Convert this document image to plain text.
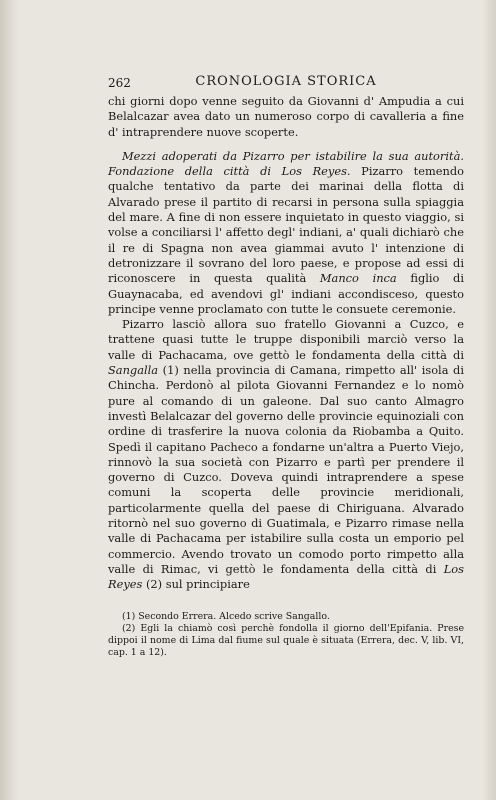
262	CRONOLOGIA STORICA

chi giorni dopo venne seguito da Giovanni d' Ampudia a cui Belalcazar avea dato un numeroso corpo di cavalleria a fine d' intraprendere nuove scoperte.

Mezzi adoperati da Pizarro per istabilire la sua autorità. Fondazione della città di Los Reyes. Pizarro temendo qualche tentativo da parte dei marinai della flotta di Alvarado prese il partito di recarsi in persona sulla spiaggia del mare. A fine di non essere inquietato in questo viaggio, si volse a conciliarsi l' affetto degl' indiani, a' quali dichiarò che il re di Spagna non avea giammai avuto l' intenzione di detronizzare il sovrano del loro paese, e propose ad essi di riconoscere in questa qualità Manco inca figlio di Guaynacaba, ed avendovi gl' indiani accondisceso, questo principe venne proclamato con tutte le consuete ceremonie.

Pizarro lasciò allora suo fratello Giovanni a Cuzco, e trattene quasi tutte le truppe disponibili marciò verso la valle di Pachacama, ove gettò le fondamenta della città di Sangalla (1) nella provincia di Camana, rimpetto all' isola di Chincha. Perdonò al pilota Giovanni Fernandez e lo nomò pure al comando di un galeone. Dal suo canto Almagro investì Belalcazar del governo delle provincie equinoziali con ordine di trasferire la nuova colonia da Riobamba a Quito. Spedì il capitano Pacheco a fondarne un'altra a Puerto Viejo, rinnovò la sua società con Pizarro e partì per prendere il governo di Cuzco. Doveva quindi intraprendere a spese comuni la scoperta delle provincie meridionali, particolarmente quella del paese di Chiriguana. Alvarado ritornò nel suo governo di Guatimala, e Pizarro rimase nella valle di Pachacama per istabilire sulla costa un emporio pel commercio. Avendo trovato un comodo porto rimpetto alla valle di Rimac, vi gettò le fondamenta della città di Los Reyes (2) sul principiare

(1) Secondo Errera. Alcedo scrive Sangallo.

(2) Egli la chiamò così perchè fondolla il giorno dell'Epifania. Prese dippoi il nome di Lima dal fiume sul quale è situata (Errera, dec. V, lib. VI, cap. 1 a 12).
